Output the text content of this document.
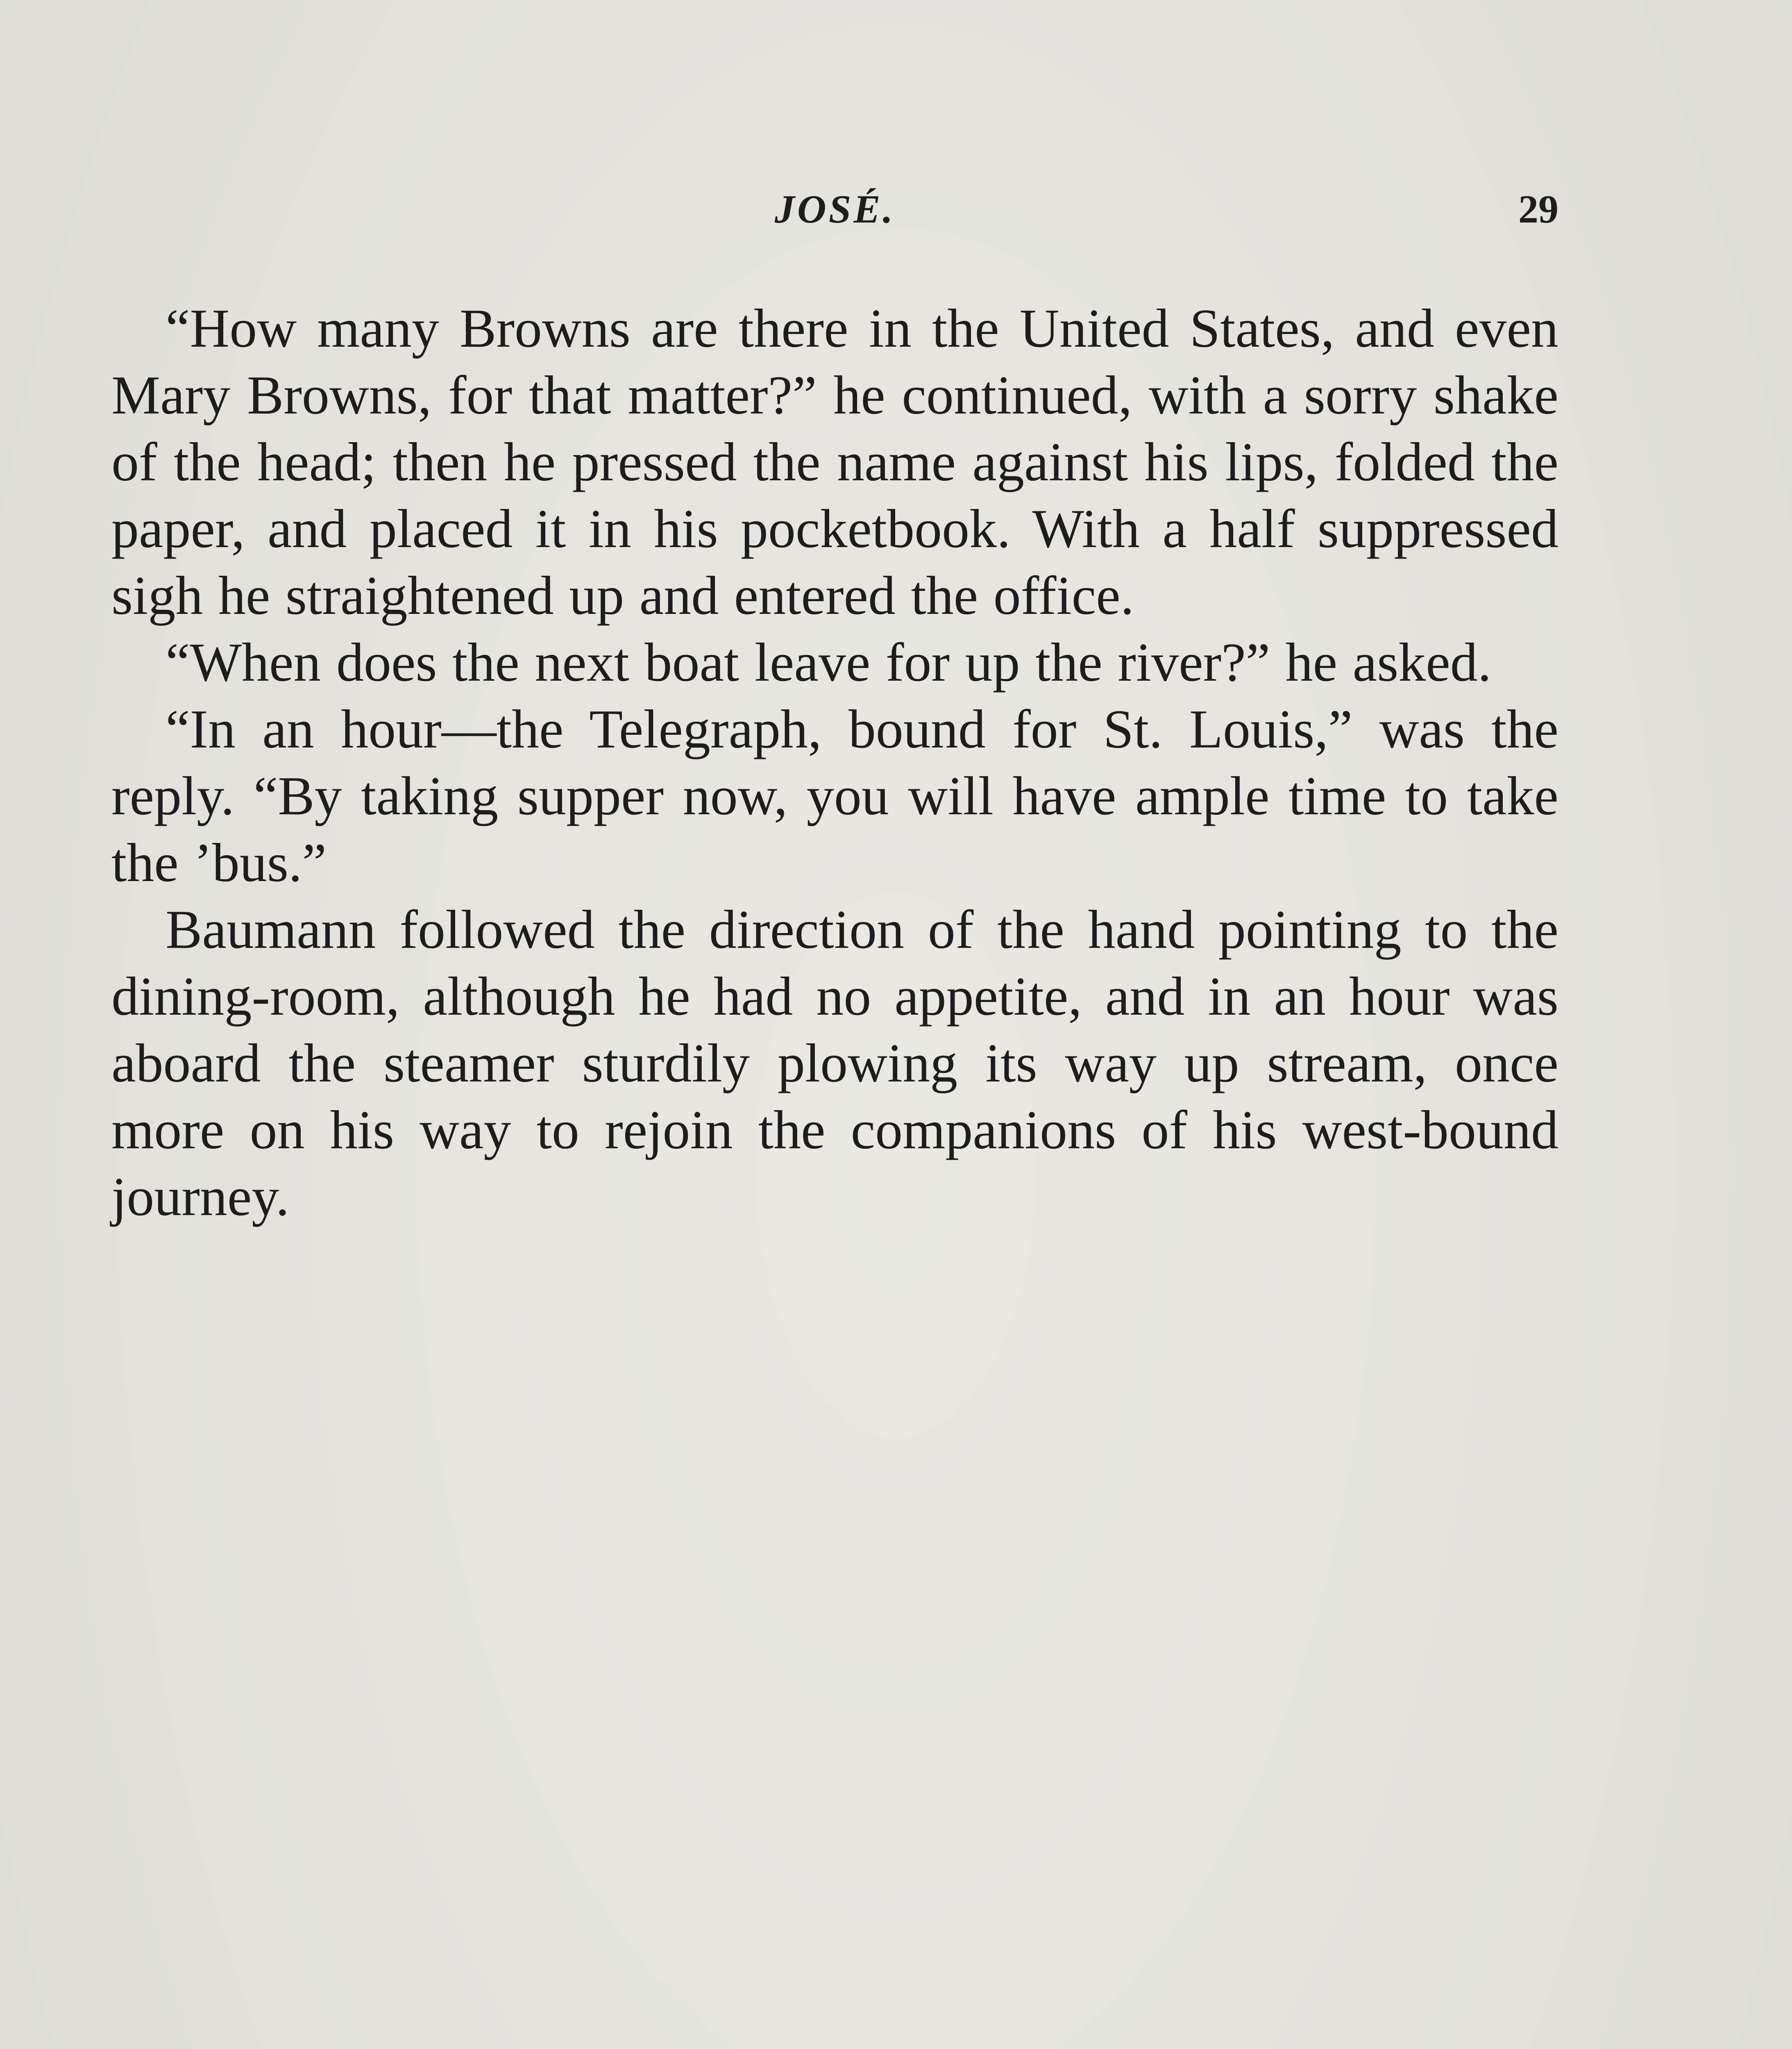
JOSÉ.	29

“How many Browns are there in the United States, and even Mary Browns, for that matter?” he continued, with a sorry shake of the head; then he pressed the name against his lips, folded the paper, and placed it in his pocketbook. With a half suppressed sigh he straightened up and entered the office.

“When does the next boat leave for up the river?” he asked.

“In an hour—the Telegraph, bound for St. Louis,” was the reply. “By taking supper now, you will have ample time to take the ’bus.”

Baumann followed the direction of the hand pointing to the dining-room, although he had no appetite, and in an hour was aboard the steamer sturdily plowing its way up stream, once more on his way to rejoin the companions of his west-bound journey.
